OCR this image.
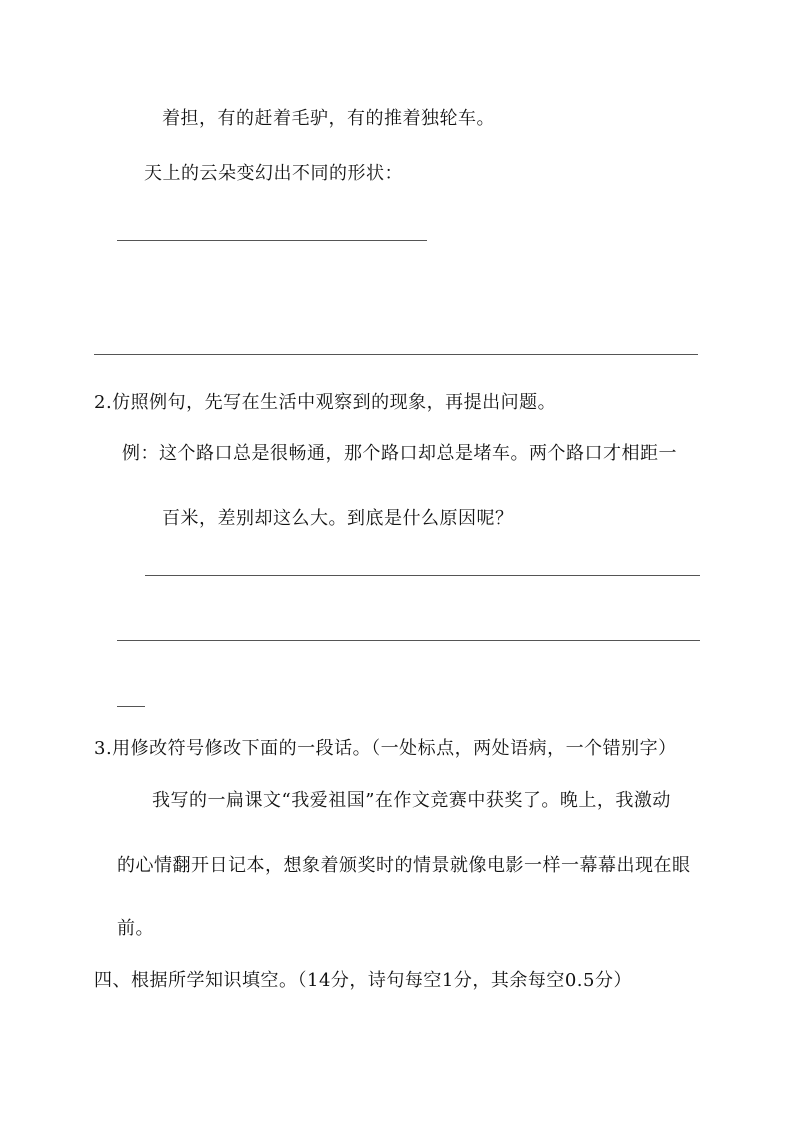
着担，有的赶着毛驴，有的推着独轮车。
天上的云朵变幻出不同的形状：
2.仿照例句，先写在生活中观察到的现象，再提出问题。
例：这个路口总是很畅通，那个路口却总是堵车。两个路口才相距一
百米，差别却这么大。到底是什么原因呢？
3.用修改符号修改下面的一段话。（一处标点，两处语病，一个错别字）
我写的一扁课文“我爱祖国”在作文竞赛中获奖了。晚上，我激动
的心情翻开日记本，想象着颁奖时的情景就像电影一样一幕幕出现在眼
前。
四、根据所学知识填空。（14分，诗句每空1分，其余每空0.5分）
